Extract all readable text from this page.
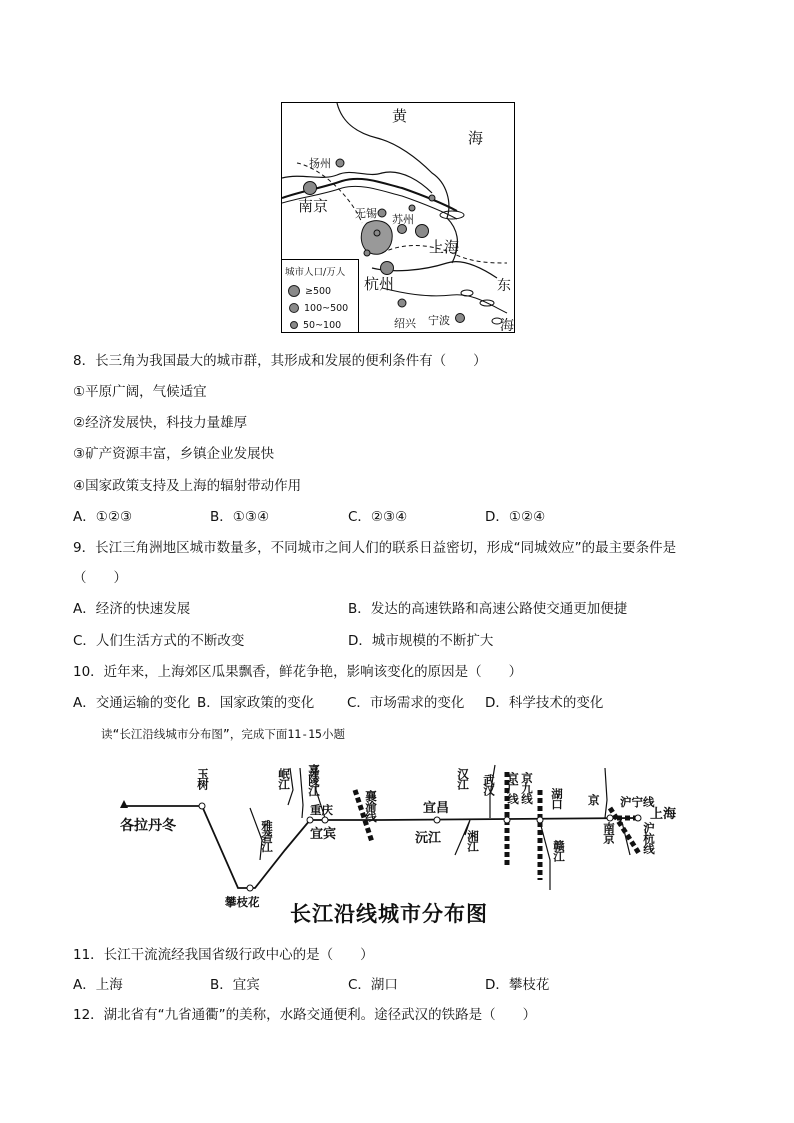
黄
海
东
海
扬州
南京 无锡 苏州
上海
杭州
绍兴 宁波
城市人口/万人
≥500
100~500
50~100
8．长三角为我国最大的城市群，其形成和发展的便利条件有（　　）
①平原广阔，气候适宜
②经济发展快，科技力量雄厚
③矿产资源丰富，乡镇企业发展快
④国家政策支持及上海的辐射带动作用
A．①②③	B．①③④	C．②③④	D．①②④
9．长江三角洲地区城市数量多，不同城市之间人们的联系日益密切，形成“同城效应”的最主要条件是
（　　）
A．经济的快速发展	B．发达的高速铁路和高速公路使交通更加便捷
C．人们生活方式的不断改变	D．城市规模的不断扩大
10．近年来，上海郊区瓜果飘香，鲜花争艳，影响该变化的原因是（　　）
A．交通运输的变化 B．国家政策的变化 C．市场需求的变化 D．科学技术的变化
读“长江沿线城市分布图”，完成下面11-15小题
各拉丹冬
玉树
雅砻江
攀枝花
岷江 嘉陵江
重庆
宜宾
襄渝线	宜昌
沅江
汉江 武汉
湘江
京广线 京九线 湖口
赣江
京
南京
沪宁线
沪杭线
上海
长江沿线城市分布图
11．长江干流流经我国省级行政中心的是（　　）
A．上海	B．宜宾	C．湖口	D．攀枝花
12．湖北省有“九省通衢”的美称，水路交通便利。途径武汉的铁路是（　　）
